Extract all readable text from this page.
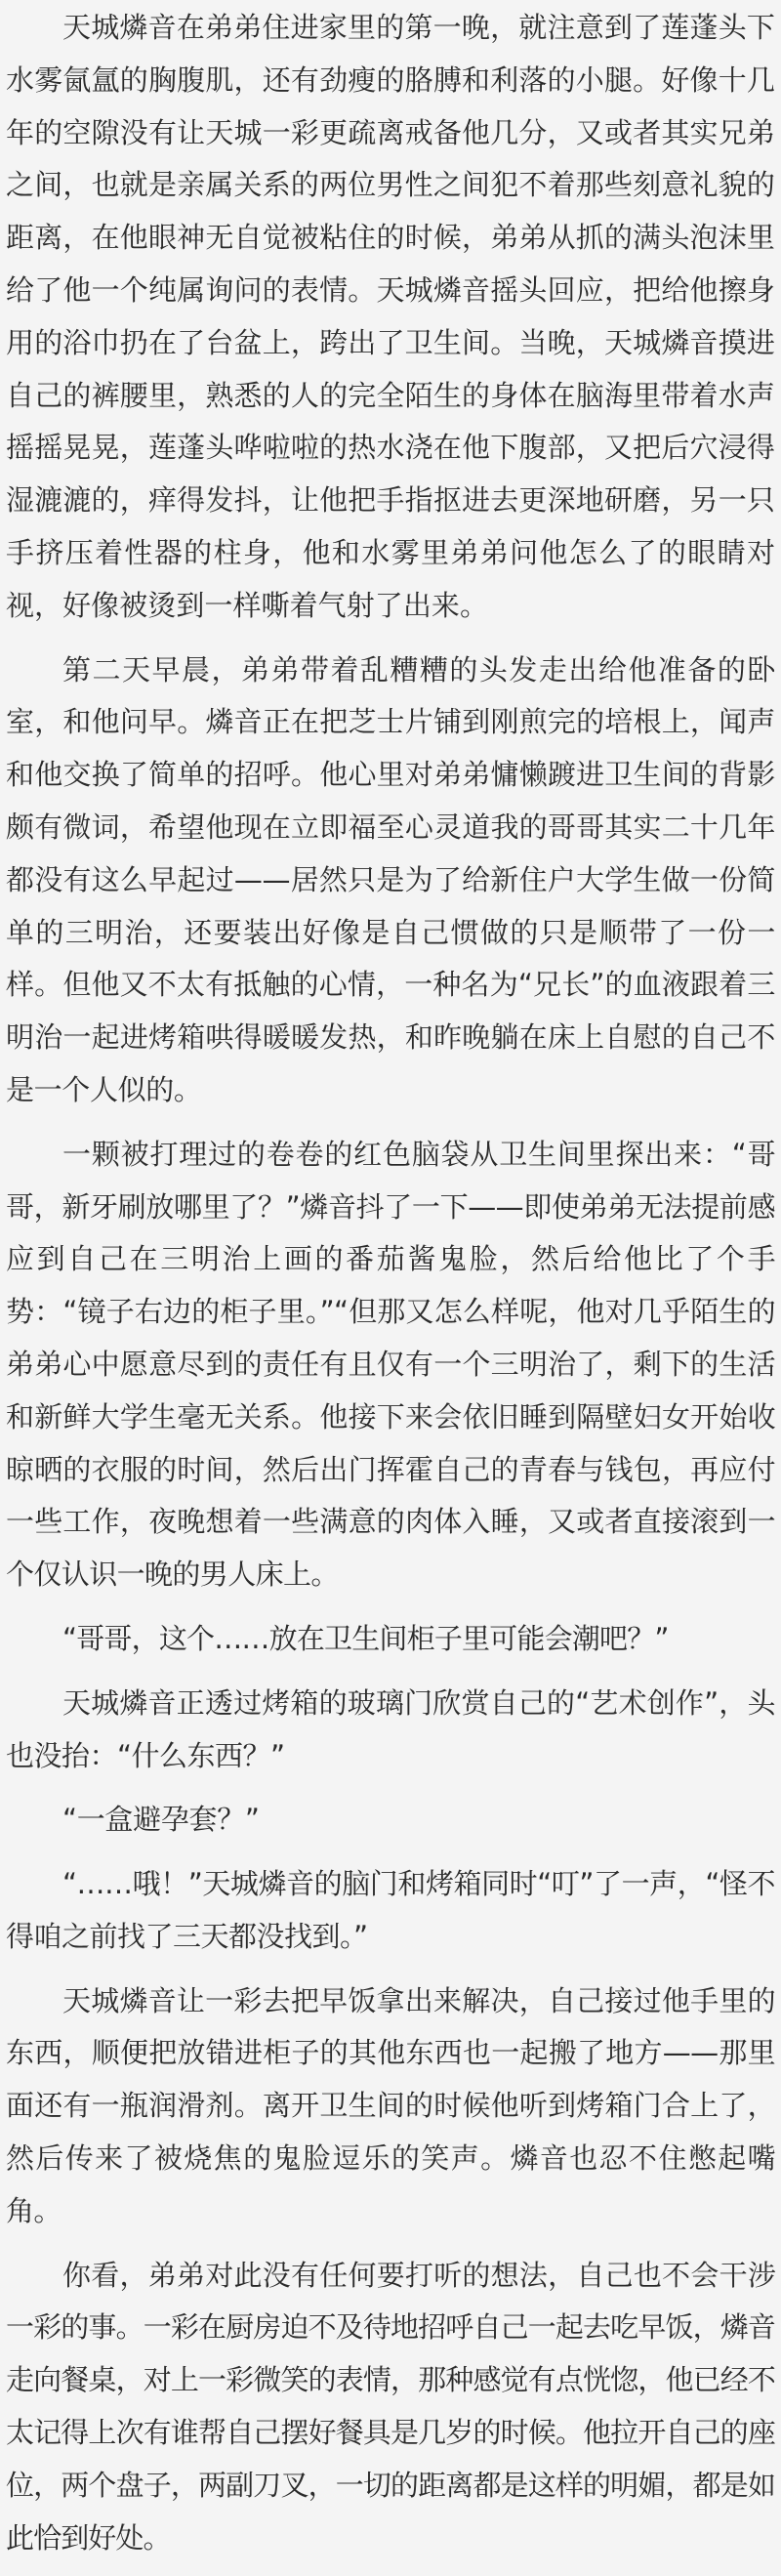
天城燐音在弟弟住进家里的第一晚，就注意到了莲蓬头下水雾氤氲的胸腹肌，还有劲瘦的胳膊和利落的小腿。好像十几年的空隙没有让天城一彩更疏离戒备他几分，又或者其实兄弟之间，也就是亲属关系的两位男性之间犯不着那些刻意礼貌的距离，在他眼神无自觉被粘住的时候，弟弟从抓的满头泡沫里给了他一个纯属询问的表情。天城燐音摇头回应，把给他擦身用的浴巾扔在了台盆上，跨出了卫生间。当晚，天城燐音摸进自己的裤腰里，熟悉的人的完全陌生的身体在脑海里带着水声摇摇晃晃，莲蓬头哗啦啦的热水浇在他下腹部，又把后穴浸得湿漉漉的，痒得发抖，让他把手指抠进去更深地研磨，另一只手挤压着性器的柱身，他和水雾里弟弟问他怎么了的眼睛对视，好像被烫到一样嘶着气射了出来。

第二天早晨，弟弟带着乱糟糟的头发走出给他准备的卧室，和他问早。燐音正在把芝士片铺到刚煎完的培根上，闻声和他交换了简单的招呼。他心里对弟弟慵懒踱进卫生间的背影颇有微词，希望他现在立即福至心灵道我的哥哥其实二十几年都没有这么早起过——居然只是为了给新住户大学生做一份简单的三明治，还要装出好像是自己惯做的只是顺带了一份一样。但他又不太有抵触的心情，一种名为“兄长”的血液跟着三明治一起进烤箱哄得暖暖发热，和昨晚躺在床上自慰的自己不是一个人似的。

一颗被打理过的卷卷的红色脑袋从卫生间里探出来：“哥哥，新牙刷放哪里了？”燐音抖了一下——即使弟弟无法提前感应到自己在三明治上画的番茄酱鬼脸，然后给他比了个手势：“镜子右边的柜子里。”“但那又怎么样呢，他对几乎陌生的弟弟心中愿意尽到的责任有且仅有一个三明治了，剩下的生活和新鲜大学生毫无关系。他接下来会依旧睡到隔壁妇女开始收晾晒的衣服的时间，然后出门挥霍自己的青春与钱包，再应付一些工作，夜晚想着一些满意的肉体入睡，又或者直接滚到一个仅认识一晚的男人床上。

“哥哥，这个……放在卫生间柜子里可能会潮吧？”

天城燐音正透过烤箱的玻璃门欣赏自己的“艺术创作”，头也没抬：“什么东西？”

“一盒避孕套？”

“……哦！”天城燐音的脑门和烤箱同时“叮”了一声，“怪不得咱之前找了三天都没找到。”

天城燐音让一彩去把早饭拿出来解决，自己接过他手里的东西，顺便把放错进柜子的其他东西也一起搬了地方——那里面还有一瓶润滑剂。离开卫生间的时候他听到烤箱门合上了，然后传来了被烧焦的鬼脸逗乐的笑声。燐音也忍不住憋起嘴角。

你看，弟弟对此没有任何要打听的想法，自己也不会干涉一彩的事。一彩在厨房迫不及待地招呼自己一起去吃早饭，燐音走向餐桌，对上一彩微笑的表情，那种感觉有点恍惚，他已经不太记得上次有谁帮自己摆好餐具是几岁的时候。他拉开自己的座位，两个盘子，两副刀叉，一切的距离都是这样的明媚，都是如此恰到好处。
